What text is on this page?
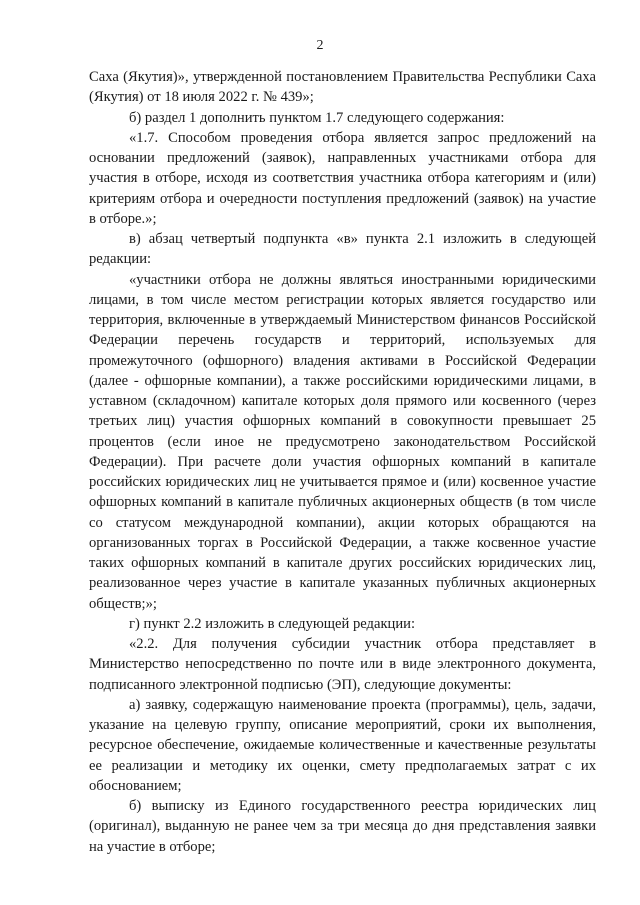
2

Саха (Якутия)», утвержденной постановлением Правительства Республики Саха (Якутия) от 18 июля 2022 г. № 439»;

б) раздел 1 дополнить пунктом 1.7 следующего содержания:

«1.7. Способом проведения отбора является запрос предложений на основании предложений (заявок), направленных участниками отбора для участия в отборе, исходя из соответствия участника отбора категориям и (или) критериям отбора и очередности поступления предложений (заявок) на участие в отборе.»;

в) абзац четвертый подпункта «в» пункта 2.1 изложить в следующей редакции:

«участники отбора не должны являться иностранными юридическими лицами, в том числе местом регистрации которых является государство или территория, включенные в утверждаемый Министерством финансов Российской Федерации перечень государств и территорий, используемых для промежуточного (офшорного) владения активами в Российской Федерации (далее - офшорные компании), а также российскими юридическими лицами, в уставном (складочном) капитале которых доля прямого или косвенного (через третьих лиц) участия офшорных компаний в совокупности превышает 25 процентов (если иное не предусмотрено законодательством Российской Федерации). При расчете доли участия офшорных компаний в капитале российских юридических лиц не учитывается прямое и (или) косвенное участие офшорных компаний в капитале публичных акционерных обществ (в том числе со статусом международной компании), акции которых обращаются на организованных торгах в Российской Федерации, а также косвенное участие таких офшорных компаний в капитале других российских юридических лиц, реализованное через участие в капитале указанных публичных акционерных обществ;»;

г) пункт 2.2 изложить в следующей редакции:

«2.2. Для получения субсидии участник отбора представляет в Министерство непосредственно по почте или в виде электронного документа, подписанного электронной подписью (ЭП), следующие документы:

а) заявку, содержащую наименование проекта (программы), цель, задачи, указание на целевую группу, описание мероприятий, сроки их выполнения, ресурсное обеспечение, ожидаемые количественные и качественные результаты ее реализации и методику их оценки, смету предполагаемых затрат с их обоснованием;

б) выписку из Единого государственного реестра юридических лиц (оригинал), выданную не ранее чем за три месяца до дня представления заявки на участие в отборе;
